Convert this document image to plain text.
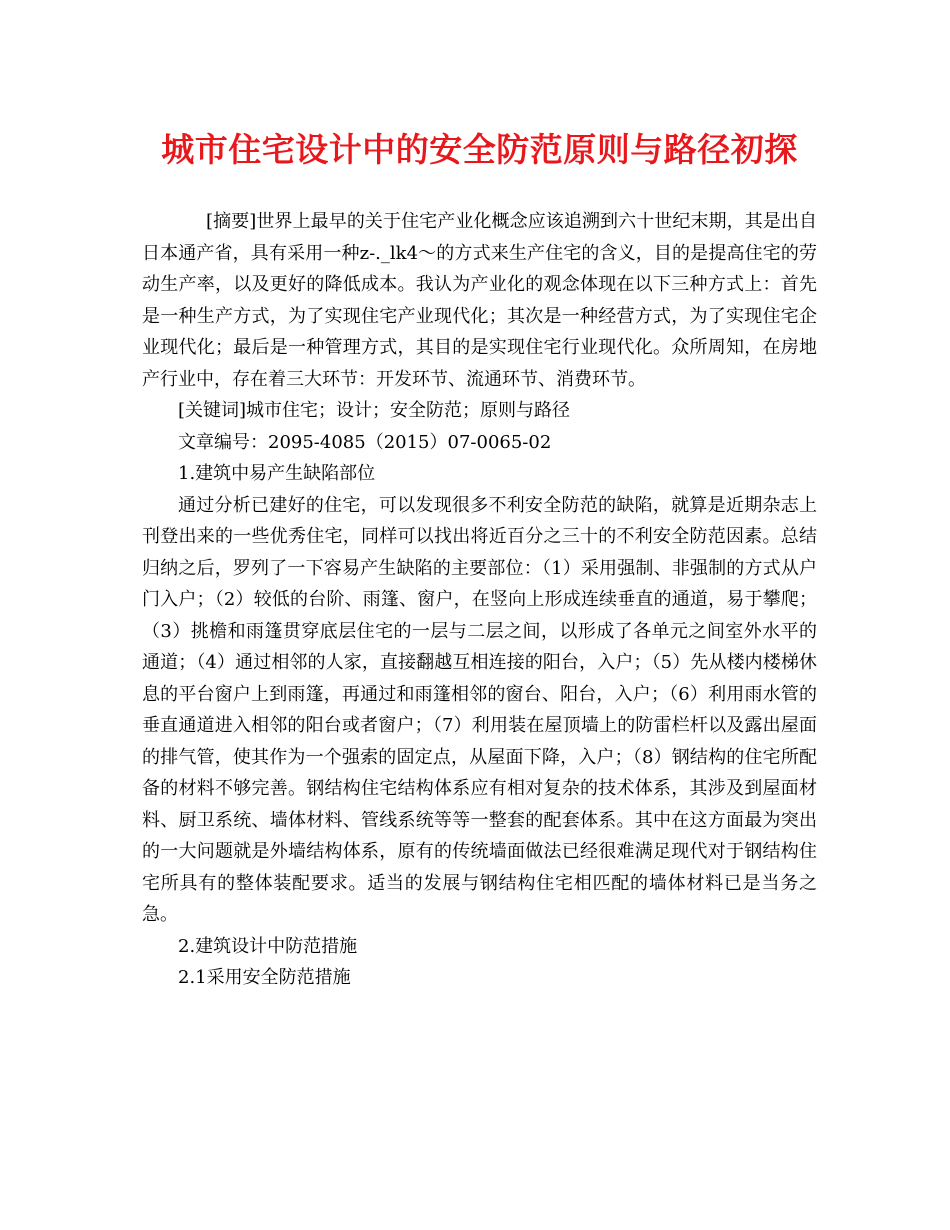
城市住宅设计中的安全防范原则与路径初探

[摘要]世界上最早的关于住宅产业化概念应该追溯到六十世纪末期，其是出自日本通产省，具有采用一种z-._lk4～的方式来生产住宅的含义，目的是提高住宅的劳动生产率，以及更好的降低成本。我认为产业化的观念体现在以下三种方式上：首先是一种生产方式，为了实现住宅产业现代化；其次是一种经营方式，为了实现住宅企业现代化；最后是一种管理方式，其目的是实现住宅行业现代化。众所周知，在房地产行业中，存在着三大环节：开发环节、流通环节、消费环节。

[关键词]城市住宅；设计；安全防范；原则与路径

文章编号：2095-4085（2015）07-0065-02

1.建筑中易产生缺陷部位

通过分析已建好的住宅，可以发现很多不利安全防范的缺陷，就算是近期杂志上刊登出来的一些优秀住宅，同样可以找出将近百分之三十的不利安全防范因素。总结归纳之后，罗列了一下容易产生缺陷的主要部位：（1）采用强制、非强制的方式从户门入户；（2）较低的台阶、雨篷、窗户，在竖向上形成连续垂直的通道，易于攀爬；（3）挑檐和雨篷贯穿底层住宅的一层与二层之间，以形成了各单元之间室外水平的通道；（4）通过相邻的人家，直接翻越互相连接的阳台，入户；（5）先从楼内楼梯休息的平台窗户上到雨篷，再通过和雨篷相邻的窗台、阳台，入户；（6）利用雨水管的垂直通道进入相邻的阳台或者窗户；（7）利用装在屋顶墙上的防雷栏杆以及露出屋面的排气管，使其作为一个强索的固定点，从屋面下降，入户；（8）钢结构的住宅所配备的材料不够完善。钢结构住宅结构体系应有相对复杂的技术体系，其涉及到屋面材料、厨卫系统、墙体材料、管线系统等等一整套的配套体系。其中在这方面最为突出的一大问题就是外墙结构体系，原有的传统墙面做法已经很难满足现代对于钢结构住宅所具有的整体装配要求。适当的发展与钢结构住宅相匹配的墙体材料已是当务之急。

2.建筑设计中防范措施

2.1采用安全防范措施
